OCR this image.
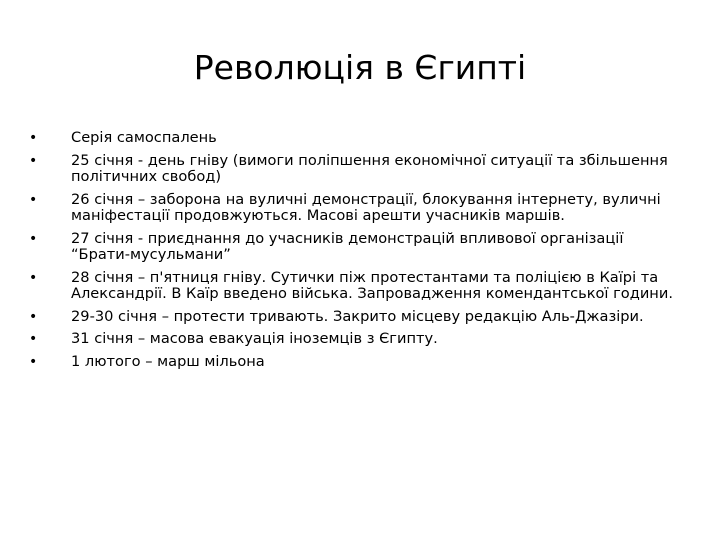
Революція в Єгипті
• Серія самоспалень
• 25 січня - день гніву (вимоги поліпшення економічної ситуації та збільшення політичних свобод)
• 26 січня – заборона на вуличні демонстрації, блокування інтернету, вуличні маніфестації продовжуються. Масові арешти учасників маршів.
• 27 січня - приєднання до учасників демонстрацій впливової організації “Брати-мусульмани”
• 28 січня – п'ятниця гніву. Сутички піж протестантами та поліцією в Каїрі та Александрії. В Каїр введено війська. Запровадження комендантської години.
• 29-30 січня – протести тривають. Закрито місцеву редакцію Аль-Джазіри.
• 31 січня – масова евакуація іноземців з Єгипту.
• 1 лютого – марш мільона
